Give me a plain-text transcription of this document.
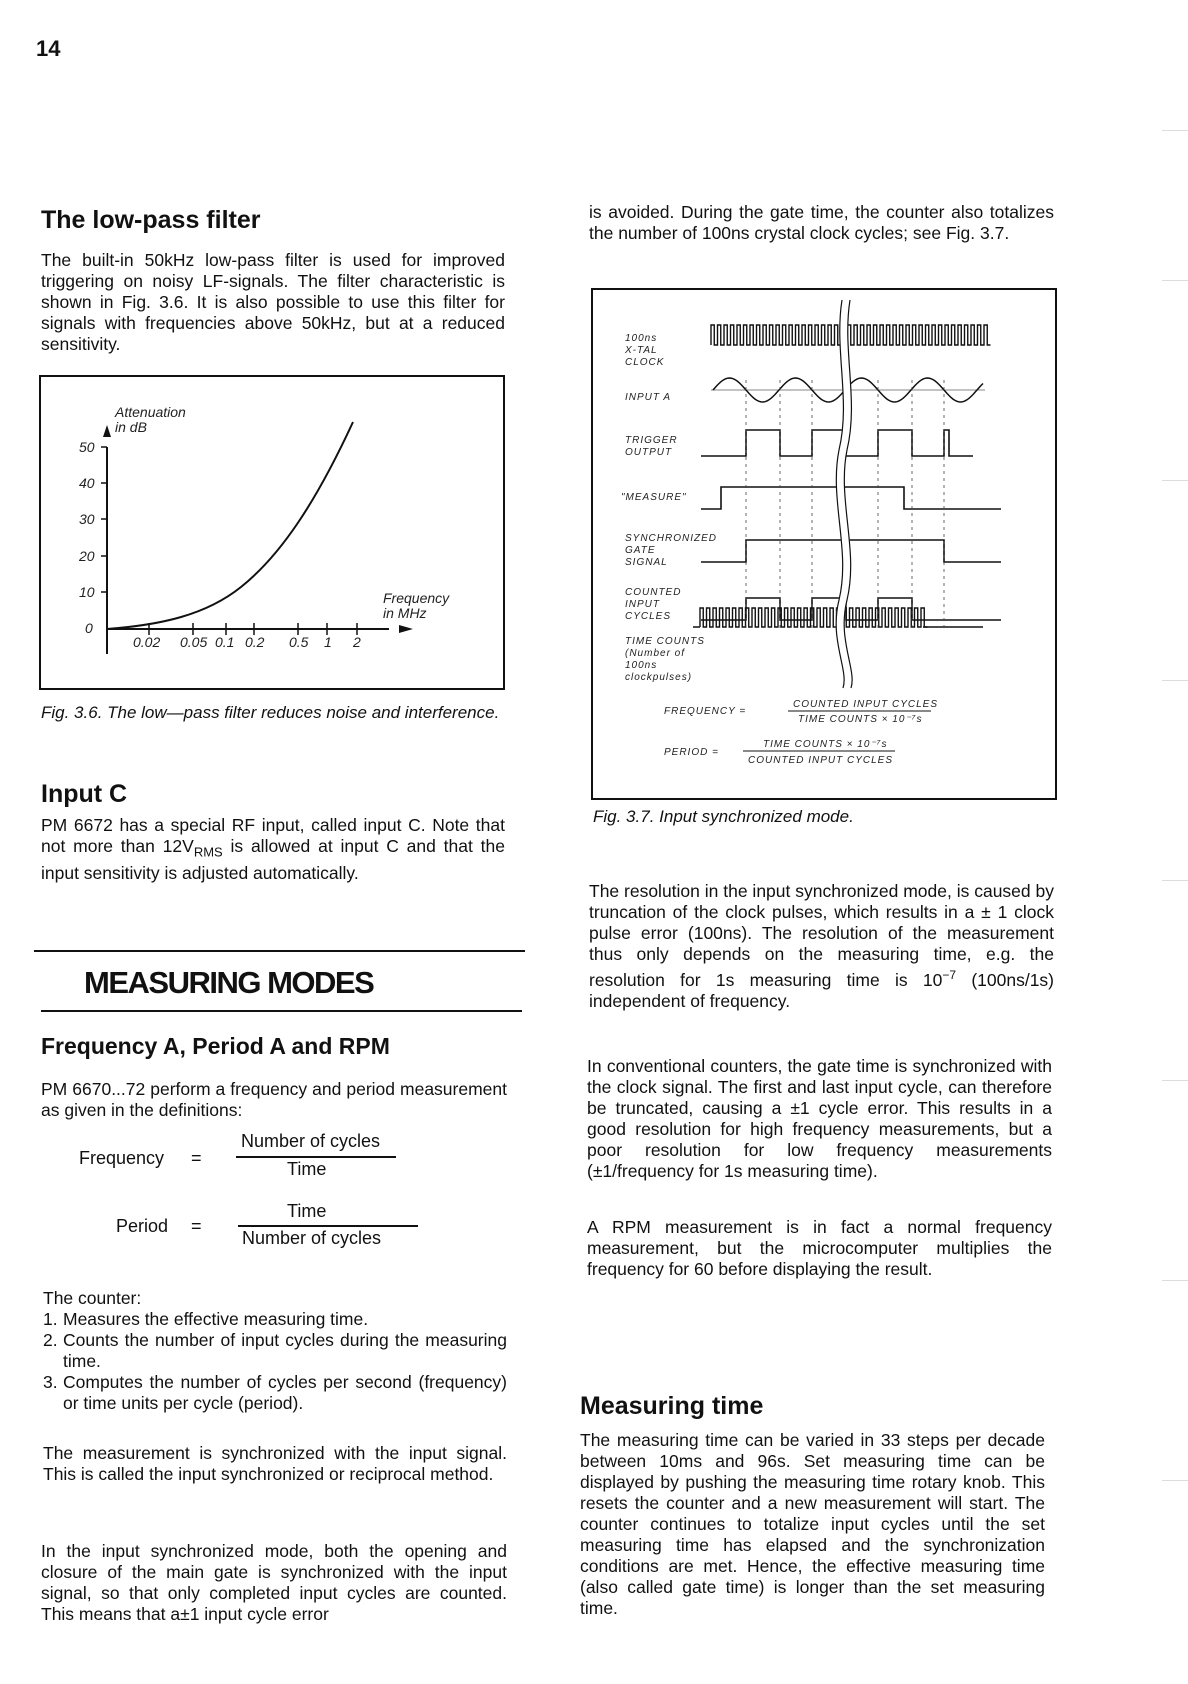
14
The low-pass filter
The built-in 50kHz low-pass filter is used for improved triggering on noisy LF-signals. The filter characteristic is shown in Fig. 3.6. It is also possible to use this filter for signals with frequencies above 50kHz, but at a reduced sensitivity.
50
40
30
20
10
0
0.02 0.05 0.1 0.2 0.5 1 2
Attenuation
in dB
Frequency
in MHz
Fig. 3.6. The low—pass filter reduces noise and interference.
Input C
PM 6672 has a special RF input, called input C. Note that not more than $12V_{RMS}$ is allowed at input C and that the input sensitivity is adjusted automatically.
MEASURING MODES
Frequency A, Period A and RPM
PM 6670...72 perform a frequency and period measurement as given in the definitions:
Frequency =
Number of cycles
Time
Period =
Time
Number of cycles
The counter:
1. Measures the effective measuring time.
2. Counts the number of input cycles during the measuring time.
3. Computes the number of cycles per second (frequency) or time units per cycle (period).
The measurement is synchronized with the input signal. This is called the input synchronized or reciprocal method.
In the input synchronized mode, both the opening and closure of the main gate is synchronized with the input signal, so that only completed input cycles are counted. This means that a±1 input cycle error
is avoided. During the gate time, the counter also totalizes the number of 100ns crystal clock cycles; see Fig. 3.7.
100ns
X-TAL
CLOCK
INPUT A
TRIGGER
OUTPUT
"MEASURE"
SYNCHRONIZED
GATE
SIGNAL
COUNTED
INPUT
CYCLES
TIME COUNTS
(Number of
100ns
clockpulses)
FREQUENCY =
COUNTED INPUT CYCLES
TIME COUNTS × 10⁻⁷s
PERIOD =
TIME COUNTS × 10⁻⁷s
COUNTED INPUT CYCLES
Fig. 3.7. Input synchronized mode.
The resolution in the input synchronized mode, is caused by truncation of the clock pulses, which results in a ± 1 clock pulse error (100ns). The resolution of the measurement thus only depends on the measuring time, e.g. the resolution for 1s measuring time is $10^{-7}$ (100ns/1s) independent of frequency.
In conventional counters, the gate time is synchronized with the clock signal. The first and last input cycle, can therefore be truncated, causing a ±1 cycle error. This results in a good resolution for high frequency measurements, but a poor resolution for low frequency measurements (±1/frequency for 1s measuring time).
A RPM measurement is in fact a normal frequency measurement, but the microcomputer multiplies the frequency for 60 before displaying the result.
Measuring time
The measuring time can be varied in 33 steps per decade between 10ms and 96s. Set measuring time can be displayed by pushing the measuring time rotary knob. This resets the counter and a new measurement will start. The counter continues to totalize input cycles until the set measuring time has elapsed and the synchronization conditions are met. Hence, the effective measuring time (also called gate time) is longer than the set measuring time.
